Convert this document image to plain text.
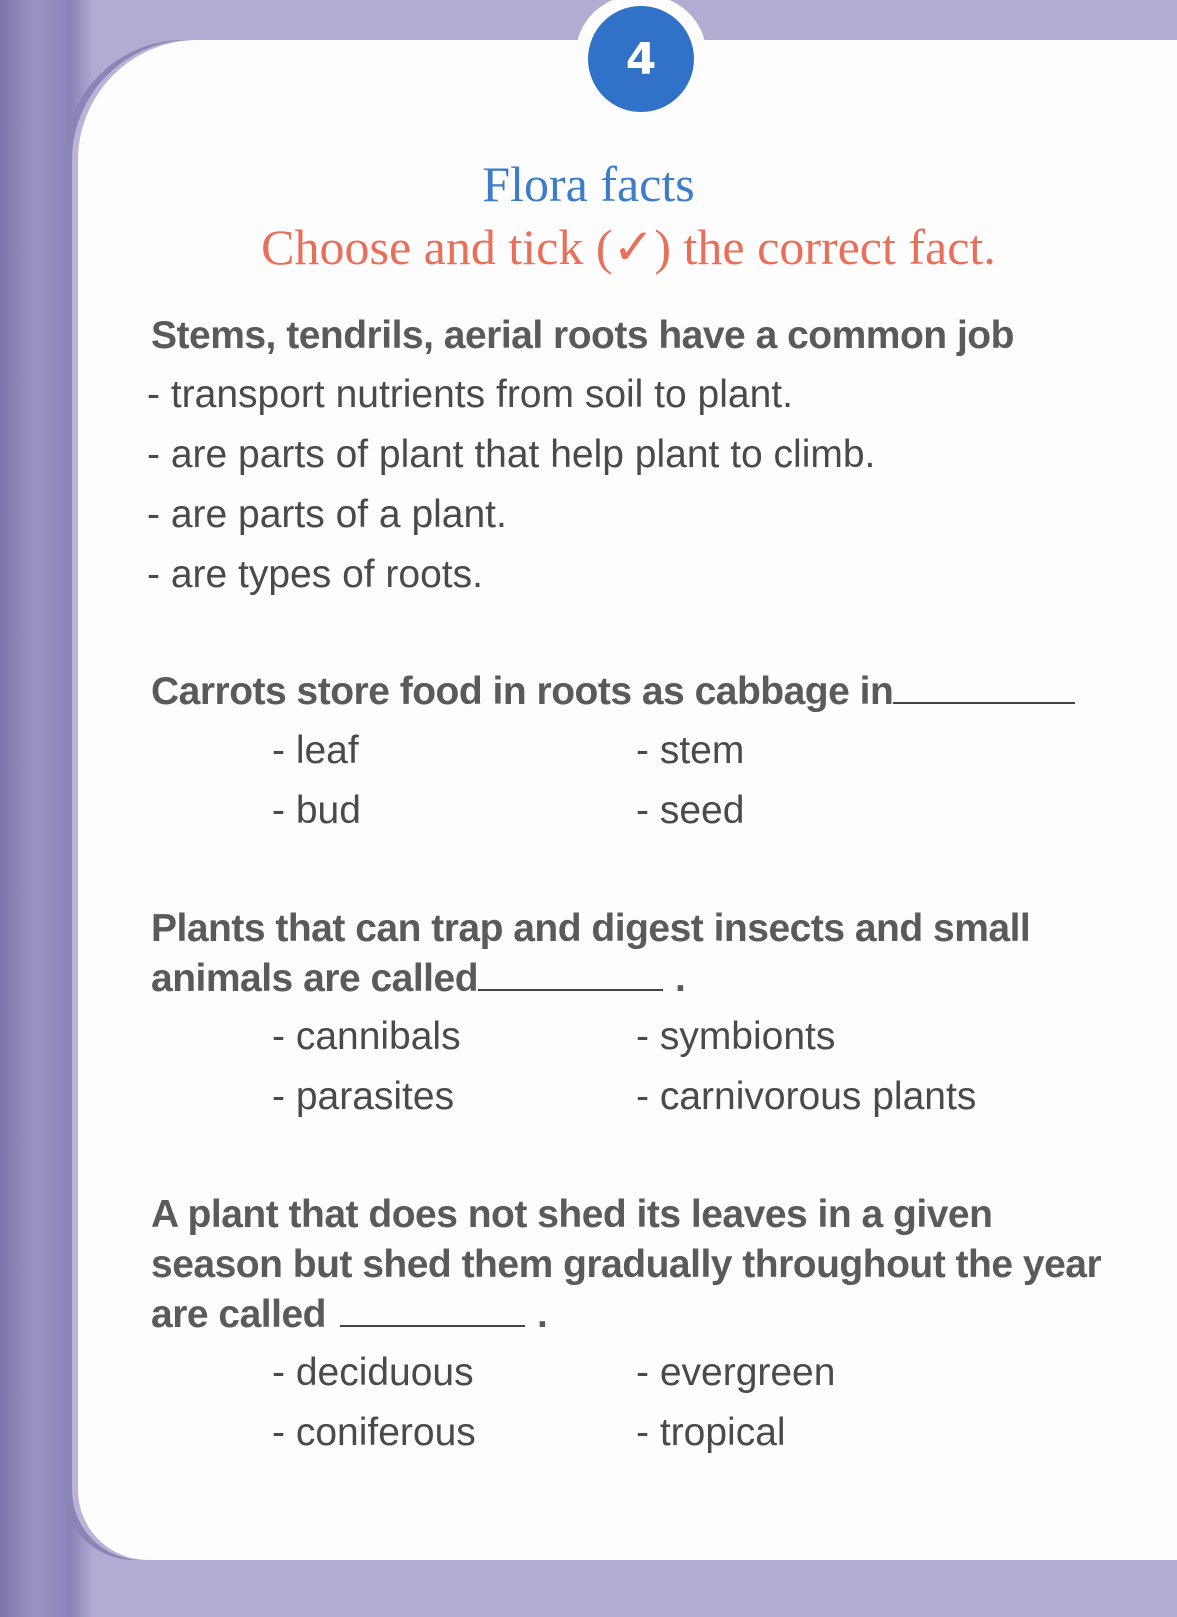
4
Flora facts
Choose and tick (✓) the correct fact.
Stems, tendrils, aerial roots have a common job
- transport nutrients from soil to plant.
- are parts of plant that help plant to climb.
- are parts of a plant.
- are types of roots.
Carrots store food in roots as cabbage in
- leaf	- stem
- bud	- seed
Plants that can trap and digest insects and small
animals are called	.
- cannibals	- symbionts
- parasites	- carnivorous plants
A plant that does not shed its leaves in a given
season but shed them gradually throughout the year
are called	.
- deciduous	- evergreen
- coniferous	- tropical
